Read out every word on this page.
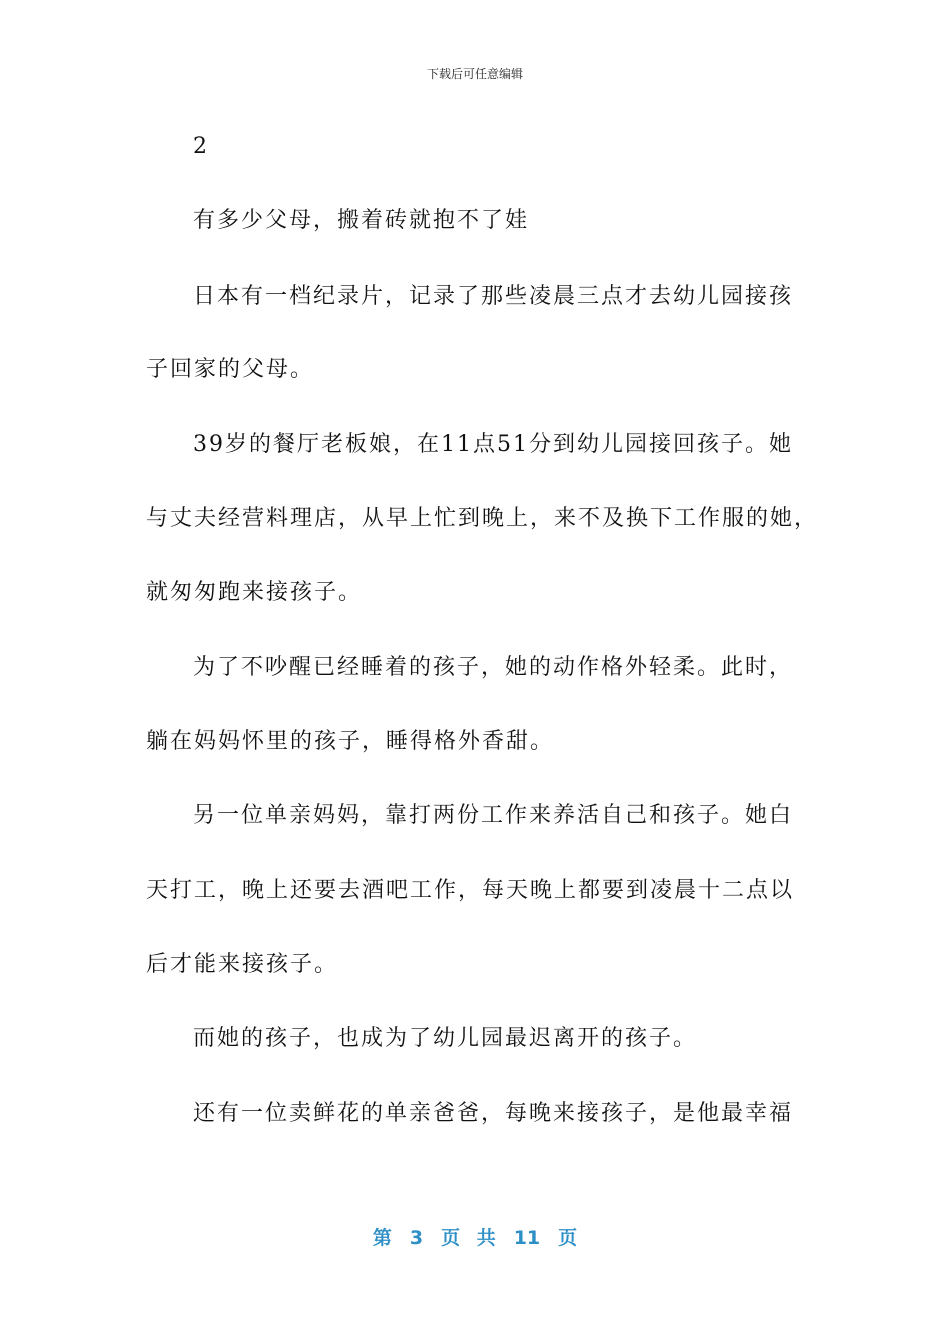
下载后可任意编辑
2
有多少父母，搬着砖就抱不了娃
日本有一档纪录片，记录了那些凌晨三点才去幼儿园接孩
子回家的父母。
39岁的餐厅老板娘，在11点51分到幼儿园接回孩子。她
与丈夫经营料理店，从早上忙到晚上，来不及换下工作服的她，
就匆匆跑来接孩子。
为了不吵醒已经睡着的孩子，她的动作格外轻柔。此时，
躺在妈妈怀里的孩子，睡得格外香甜。
另一位单亲妈妈，靠打两份工作来养活自己和孩子。她白
天打工，晚上还要去酒吧工作，每天晚上都要到凌晨十二点以
后才能来接孩子。
而她的孩子，也成为了幼儿园最迟离开的孩子。
还有一位卖鲜花的单亲爸爸，每晚来接孩子，是他最幸福
第 3 页 共 11 页
